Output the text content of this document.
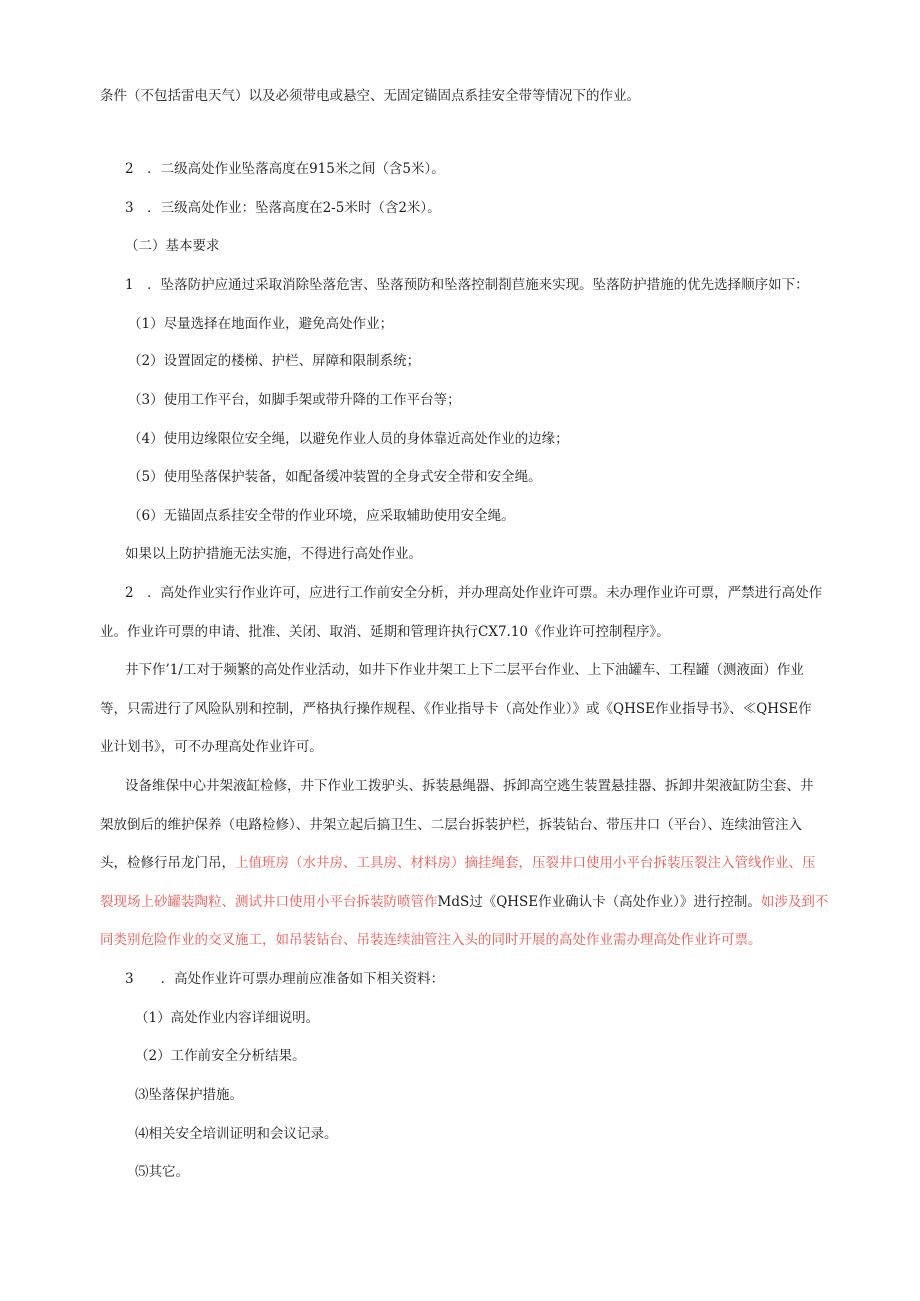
条件（不包括雷电天气）以及必须带电或悬空、无固定锚固点系挂安全带等情况下的作业。
2　．二级高处作业坠落高度在915米之间（含5米）。
3　．三级高处作业：坠落高度在2-5米时（含2米）。
（二）基本要求
1　．坠落防护应通过采取消除坠落危害、坠落预防和坠落控制剳苣施来实现。坠落防护措施的优先选择顺序如下：
（1）尽量选择在地面作业，避免高处作业；
（2）设置固定的楼梯、护栏、屏障和限制系统；
（3）使用工作平台，如脚手架或带升降的工作平台等；
（4）使用边缘限位安全绳，以避免作业人员的身体靠近高处作业的边缘；
（5）使用坠落保护装备，如配备缓冲装置的全身式安全带和安全绳。
（6）无锚固点系挂安全带的作业环境，应采取辅助使用安全绳。
如果以上防护措施无法实施，不得进行高处作业。
2　．高处作业实行作业许可，应进行工作前安全分析，并办理高处作业许可票。未办理作业许可票，严禁进行高处作
业。作业许可票的申请、批准、关闭、取消、延期和管理许执行CX7.10《作业许可控制程序》。
井下作’1/工对于频繁的高处作业活动，如井下作业井架工上下二层平台作业、上下油罐车、工程罐（测液面）作业
等，只需进行了风险队别和控制，严格执行操作规程、《作业指导卡（高处作业）》或《QHSE作业指导书》、≪QHSE作
业计划书》，可不办理高处作业许可。
设备维保中心井架液缸检修，井下作业工拨驴头、拆装悬绳器、拆卸高空逃生装置悬挂器、拆卸井架液缸防尘套、井
架放倒后的维护保养（电路检修）、井架立起后搞卫生、二层台拆装护栏，拆装钻台、带压井口（平台）、连续油管注入
头，检修行吊龙门吊，上值班房（水井房、工具房、材料房）摘挂绳套，压裂井口使用小平台拆装压裂注入管线作业、压
裂现场上砂罐装陶粒、测试井口使用小平台拆装防喷管作MdS过《QHSE作业确认卡（高处作业）》进行控制。如涉及到不
同类别危险作业的交叉施工，如吊装钻台、吊装连续油管注入头的同时开展的高处作业需办理高处作业许可票。
3　　．高处作业许可票办理前应准备如下相关资料：
（1）高处作业内容详细说明。
（2）工作前安全分析结果。
⑶坠落保护措施。
⑷相关安全培训证明和会议记录。
⑸其它。
